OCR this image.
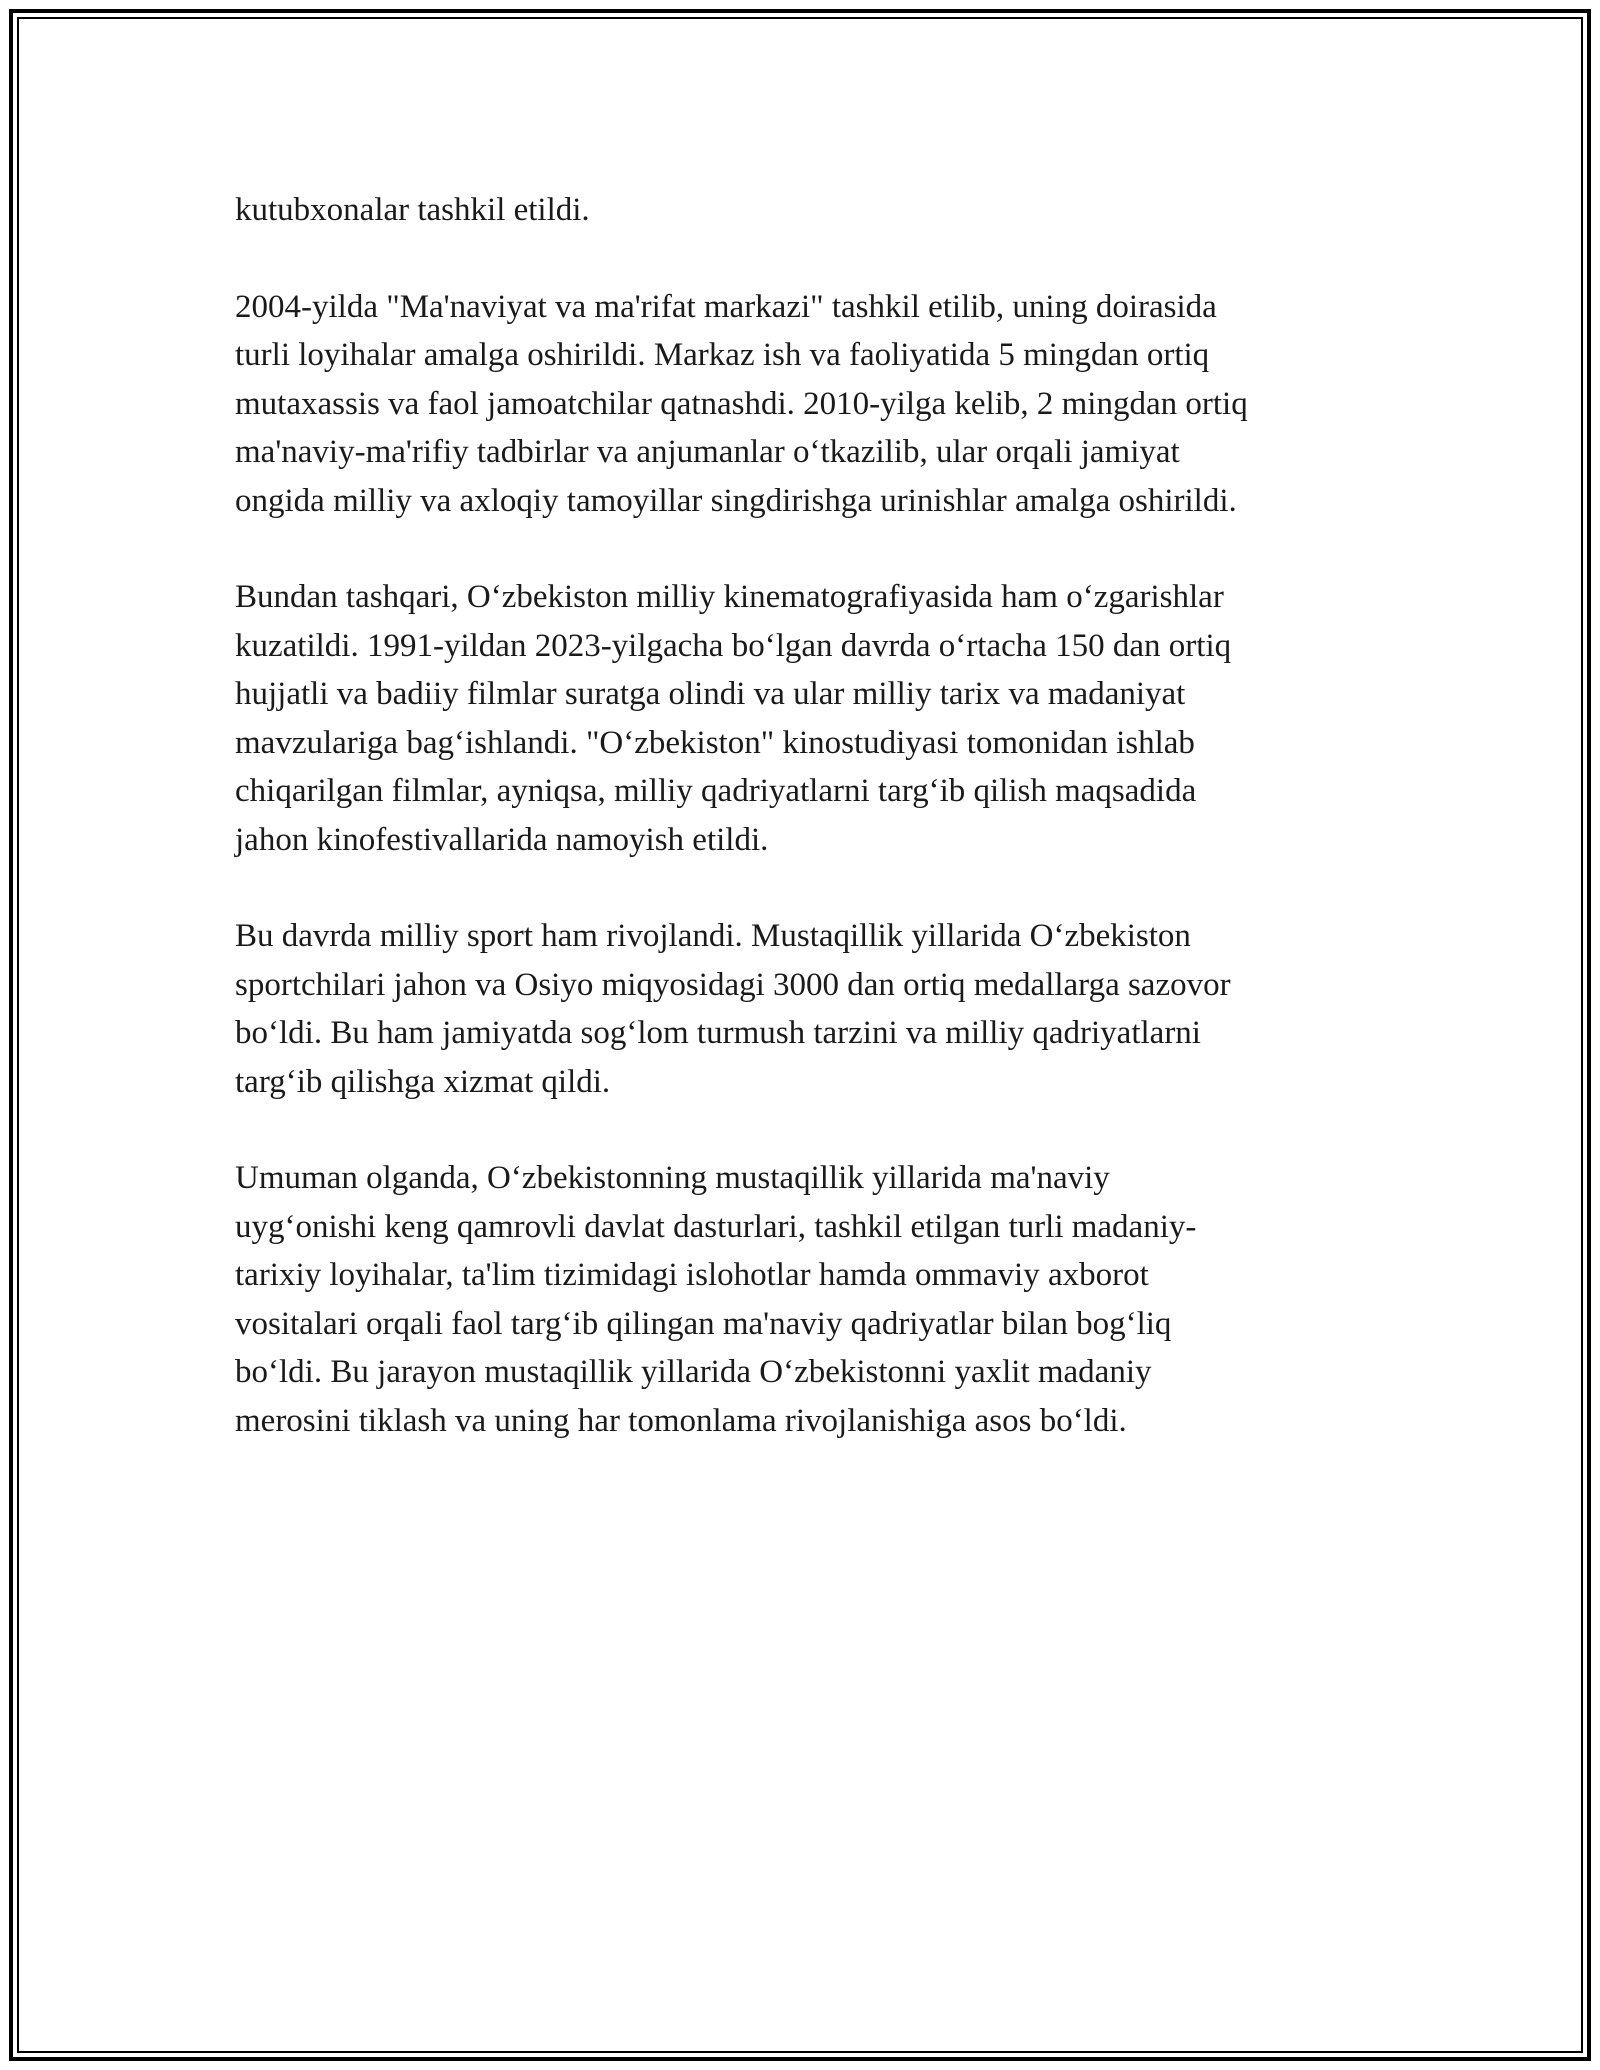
kutubxonalar tashkil etildi.

2004-yilda "Ma'naviyat va ma'rifat markazi" tashkil etilib, uning doirasida
turli loyihalar amalga oshirildi. Markaz ish va faoliyatida 5 mingdan ortiq
mutaxassis va faol jamoatchilar qatnashdi. 2010-yilga kelib, 2 mingdan ortiq
ma'naviy-ma'rifiy tadbirlar va anjumanlar oʻtkazilib, ular orqali jamiyat
ongida milliy va axloqiy tamoyillar singdirishga urinishlar amalga oshirildi.

Bundan tashqari, Oʻzbekiston milliy kinematografiyasida ham oʻzgarishlar
kuzatildi. 1991-yildan 2023-yilgacha boʻlgan davrda oʻrtacha 150 dan ortiq
hujjatli va badiiy filmlar suratga olindi va ular milliy tarix va madaniyat
mavzulariga bagʻishlandi. "Oʻzbekiston" kinostudiyasi tomonidan ishlab
chiqarilgan filmlar, ayniqsa, milliy qadriyatlarni targʻib qilish maqsadida
jahon kinofestivallarida namoyish etildi.

Bu davrda milliy sport ham rivojlandi. Mustaqillik yillarida Oʻzbekiston
sportchilari jahon va Osiyo miqyosidagi 3000 dan ortiq medallarga sazovor
boʻldi. Bu ham jamiyatda sogʻlom turmush tarzini va milliy qadriyatlarni
targʻib qilishga xizmat qildi.

Umuman olganda, Oʻzbekistonning mustaqillik yillarida ma'naviy
uygʻonishi keng qamrovli davlat dasturlari, tashkil etilgan turli madaniy-
tarixiy loyihalar, ta'lim tizimidagi islohotlar hamda ommaviy axborot
vositalari orqali faol targʻib qilingan ma'naviy qadriyatlar bilan bogʻliq
boʻldi. Bu jarayon mustaqillik yillarida Oʻzbekistonni yaxlit madaniy
merosini tiklash va uning har tomonlama rivojlanishiga asos boʻldi.
